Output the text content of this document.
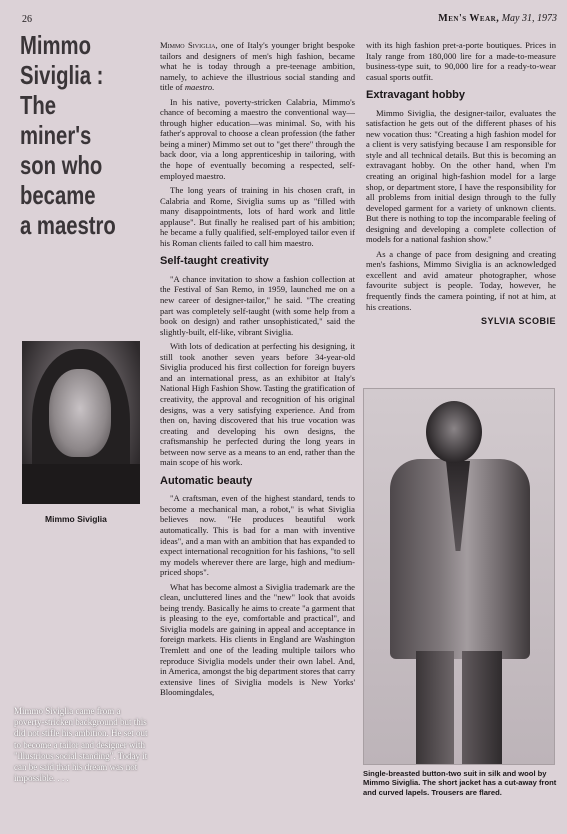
26	Men's Wear, May 31, 1973
Mimmo
Siviglia :
The
miner's
son who
became
a maestro
Mimmo Siviglia
Mimmo Siviglia came from a poverty-stricken background but this did not stifle his ambition. He set out to become a tailor and designer with "illustrious social standing". Today it can be said that his dream was not impossible. . . .

Mimmo Siviglia, one of Italy's younger bright bespoke tailors and designers of men's high fashion, became what he is today through a pre-teenage ambition, namely, to achieve the illustrious social standing and title of maestro.

In his native, poverty-stricken Calabria, Mimmo's chance of becoming a maestro the conventional way—through higher education—was minimal. So, with his father's approval to choose a clean profession (the father being a miner) Mimmo set out to "get there" through the back door, via a long apprenticeship in tailoring, with the hope of eventually becoming a respected, self-employed maestro.

The long years of training in his chosen craft, in Calabria and Rome, Siviglia sums up as "filled with many disappointments, lots of hard work and little applause". But finally he realised part of his ambition; he became a fully qualified, self-employed tailor even if his Roman clients failed to call him maestro.

Self-taught creativity

"A chance invitation to show a fashion collection at the Festival of San Remo, in 1959, launched me on a new career of designer-tailor," he said. "The creating part was completely self-taught (with some help from a book on design) and rather unsophisticated," said the slightly-built, elf-like, vibrant Siviglia.

With lots of dedication at perfecting his designing, it still took another seven years before 34-year-old Siviglia produced his first collection for foreign buyers and an international press, as an exhibitor at Italy's National High Fashion Show. Tasting the gratification of creativity, the approval and recognition of his original designs, was a very satisfying experience. And from then on, having discovered that his true vocation was creating and developing his own designs, the craftsmanship he perfected during the long years in between now serve as a means to an end, rather than the main scope of his work.

Automatic beauty

"A craftsman, even of the highest standard, tends to become a mechanical man, a robot," is what Siviglia believes now. "He produces beautiful work automatically. This is bad for a man with inventive ideas", and a man with an ambition that has expanded to expect international recognition for his fashions, "to sell my models wherever there are large, high and medium-priced shops".

What has become almost a Siviglia trademark are the clean, uncluttered lines and the "new" look that avoids being trendy. Basically he aims to create "a garment that is pleasing to the eye, comfortable and practical", and Siviglia models are gaining in appeal and acceptance in foreign markets. His clients in England are Washington Tremlett and one of the leading multiple tailors who reproduce Siviglia models under their own label. And, in America, amongst the big department stores that carry extensive lines of Siviglia models is New Yorks' Bloomingdales,

with its high fashion pret-a-porte boutiques. Prices in Italy range from 180,000 lire for a made-to-measure business-type suit, to 90,000 lire for a ready-to-wear casual sports outfit.

Extravagant hobby

Mimmo Siviglia, the designer-tailor, evaluates the satisfaction he gets out of the different phases of his new vocation thus: "Creating a high fashion model for a client is very satisfying because I am responsible for style and all technical details. But this is becoming an extravagant hobby. On the other hand, when I'm creating an original high-fashion model for a large shop, or department store, I have the responsibility for all problems from initial design through to the fully developed garment for a variety of unknown clients. But there is nothing to top the incomparable feeling of designing and developing a complete collection of models for a national fashion show."

As a change of pace from designing and creating men's fashions, Mimmo Siviglia is an acknowledged excellent and avid amateur photographer, whose favourite subject is people. Today, however, he frequently finds the camera pointing, if not at him, at his creations.

SYLVIA SCOBIE
Single-breasted button-two suit in silk and wool by Mimmo Siviglia. The short jacket has a cut-away front and curved lapels. Trousers are flared.
